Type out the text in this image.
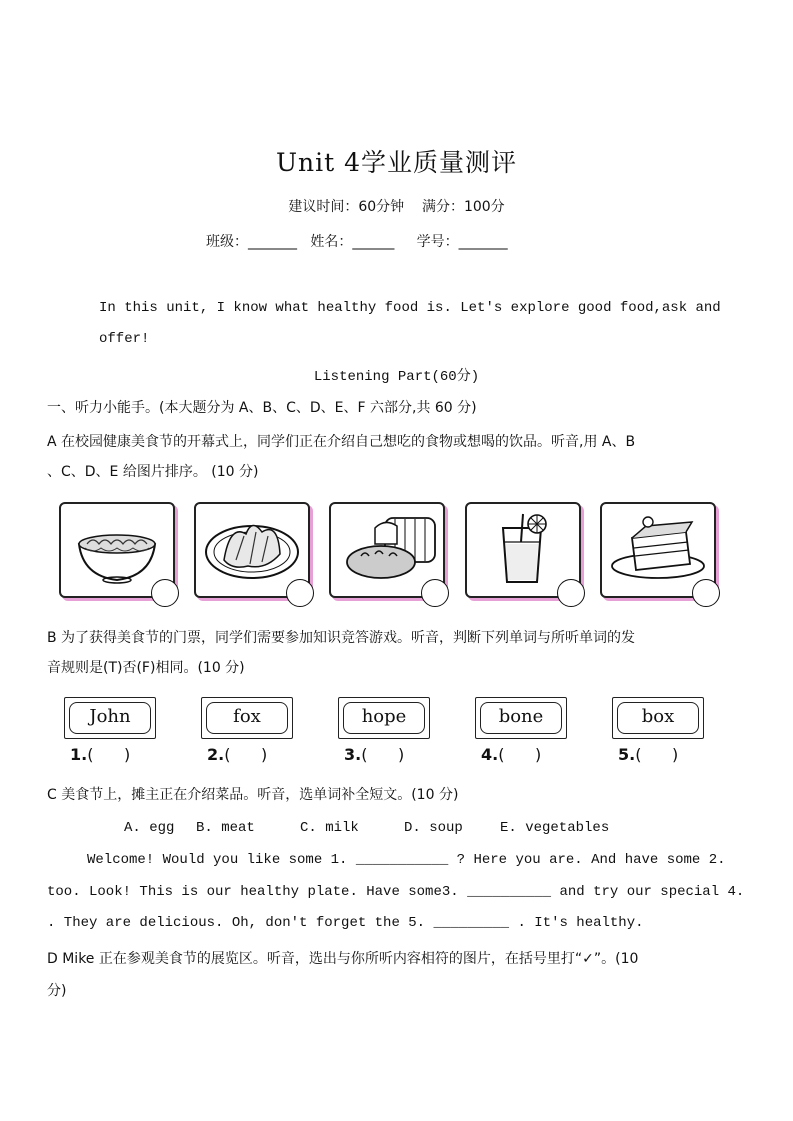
Unit 4学业质量测评
建议时间：60分钟    满分：100分
班级：_______ 姓名：______ 学号：_______
In this unit, I know what healthy food is. Let's explore good food,ask and
offer!
Listening Part(60分)
一、听力小能手。(本大题分为 A、B、C、D、E、F 六部分,共 60 分)
A 在校园健康美食节的开幕式上，同学们正在介绍自己想吃的食物或想喝的饮品。听音,用 A、B
、C、D、E 给图片排序。 (10 分)
B 为了获得美食节的门票，同学们需要参加知识竞答游戏。听音，判断下列单词与所听单词的发
音规则是(T)否(F)相同。(10 分)
John	fox	hope	bone	box
1.(      )	2.(      )	3.(      )	4.(      )	5.(      )
C 美食节上，摊主正在介绍菜品。听音，选单词补全短文。(10 分)
A. egg B. meat	C. milk	D. soup	E. vegetables
Welcome! Would you like some 1. ___________ ? Here you are. And have some 2.
too. Look! This is our healthy plate. Have some3. __________ and try our special 4.
. They are delicious. Oh, don't forget the 5. _________ . It's healthy.
D Mike 正在参观美食节的展览区。听音，选出与你所听内容相符的图片，在括号里打“✓”。(10
分)
